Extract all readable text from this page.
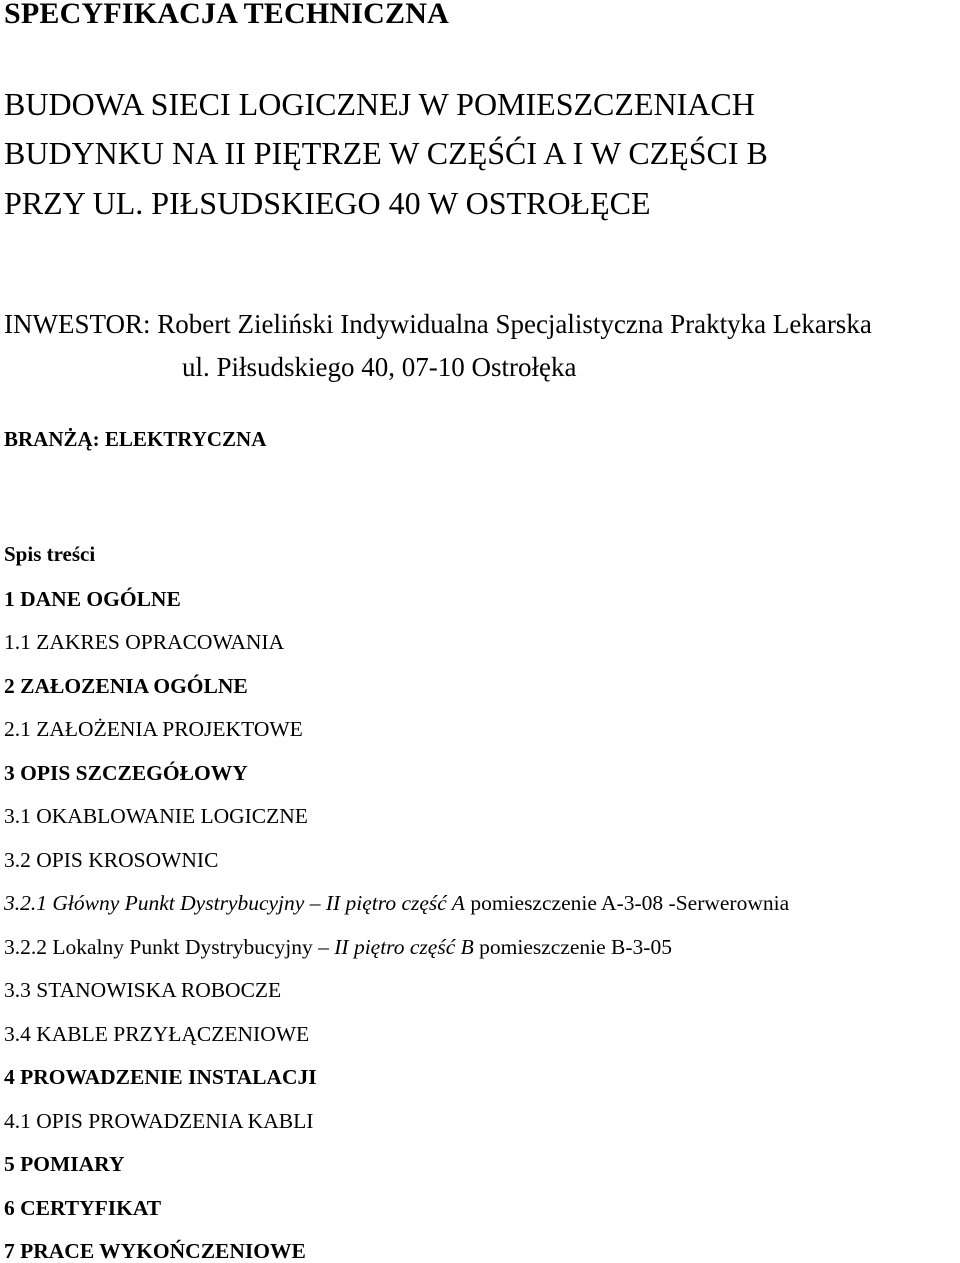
SPECYFIKACJA TECHNICZNA
BUDOWA SIECI LOGICZNEJ W POMIESZCZENIACH
BUDYNKU NA II PIĘTRZE W CZĘŚĆI A I W CZĘŚCI B
PRZY UL. PIŁSUDSKIEGO 40 W OSTROŁĘCE
INWESTOR: Robert Zieliński Indywidualna Specjalistyczna Praktyka Lekarska
ul. Piłsudskiego 40, 07-10 Ostrołęka
BRANŻĄ: ELEKTRYCZNA
Spis treści
1 DANE OGÓLNE
1.1 ZAKRES OPRACOWANIA
2 ZAŁOZENIA OGÓLNE
2.1 ZAŁOŻENIA PROJEKTOWE
3 OPIS SZCZEGÓŁOWY
3.1 OKABLOWANIE LOGICZNE
3.2 OPIS KROSOWNIC
3.2.1 Główny Punkt Dystrybucyjny – II piętro część A pomieszczenie A-3-08 -Serwerownia
3.2.2 Lokalny Punkt Dystrybucyjny – II piętro część B pomieszczenie B-3-05
3.3 STANOWISKA ROBOCZE
3.4 KABLE PRZYŁĄCZENIOWE
4 PROWADZENIE INSTALACJI
4.1 OPIS PROWADZENIA KABLI
5 POMIARY
6 CERTYFIKAT
7 PRACE WYKOŃCZENIOWE
